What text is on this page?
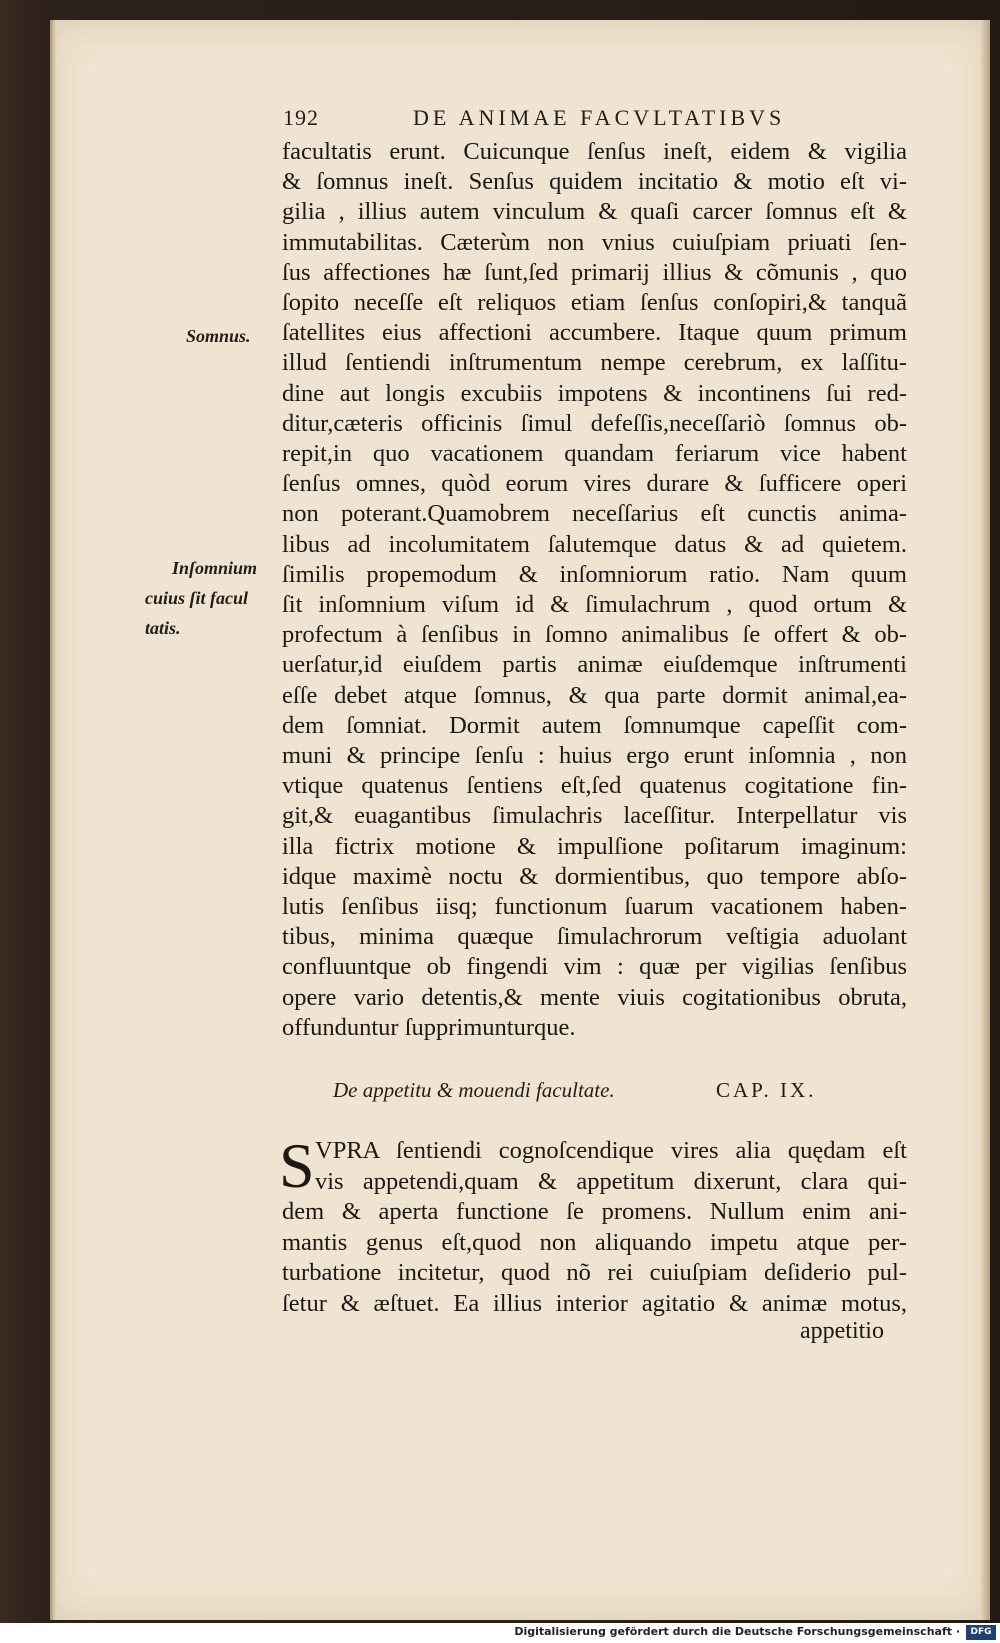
192	DE ANIMAE FACVLTATIBVS
facultatis erunt. Cuicunque ſenſus ineſt, eidem & vigilia
& ſomnus ineſt. Senſus quidem incitatio & motio eſt vi-
gilia , illius autem vinculum & quaſi carcer ſomnus eſt &
immutabilitas. Cæterùm non vnius cuiuſpiam priuati ſen-
ſus affectiones hæ ſunt,ſed primarij illius & cõmunis , quo
ſopito neceſſe eſt reliquos etiam ſenſus conſopiri,& tanquã
ſatellites eius affectioni accumbere. Itaque quum primum
illud ſentiendi inſtrumentum nempe cerebrum, ex laſſitu-
dine aut longis excubiis impotens & incontinens ſui red-
ditur,cæteris officinis ſimul defeſſis,neceſſariò ſomnus ob-
repit,in quo vacationem quandam feriarum vice habent
ſenſus omnes, quòd eorum vires durare & ſufficere operi
non poterant.Quamobrem neceſſarius eſt cunctis anima-
libus ad incolumitatem ſalutemque datus & ad quietem.
ſimilis propemodum & inſomniorum ratio. Nam quum
ſit inſomnium viſum id & ſimulachrum , quod ortum &
profectum à ſenſibus in ſomno animalibus ſe offert & ob-
uerſatur,id eiuſdem partis animæ eiuſdemque inſtrumenti
eſſe debet atque ſomnus, & qua parte dormit animal,ea-
dem ſomniat. Dormit autem ſomnumque capeſſit com-
muni & principe ſenſu : huius ergo erunt inſomnia , non
vtique quatenus ſentiens eſt,ſed quatenus cogitatione fin-
git,& euagantibus ſimulachris laceſſitur. Interpellatur vis
illa fictrix motione & impulſione poſitarum imaginum:
idque maximè noctu & dormientibus, quo tempore abſo-
lutis ſenſibus iisq; functionum ſuarum vacationem haben-
tibus, minima quæque ſimulachrorum veſtigia aduolant
confluuntque ob fingendi vim : quæ per vigilias ſenſibus
opere vario detentis,& mente viuis cogitationibus obruta,
offunduntur ſupprimunturque.
Somnus.
Inſomnium
cuius ſit facul
tatis.
De appetitu & mouendi facultate.	CAP. IX.
S VPRA ſentiendi cognoſcendique vires alia quędam eſt
vis appetendi,quam & appetitum dixerunt, clara qui-
dem & aperta functione ſe promens. Nullum enim ani-
mantis genus eſt,quod non aliquando impetu atque per-
turbatione incitetur, quod nõ rei cuiuſpiam deſiderio pul-
ſetur & æſtuet. Ea illius interior agitatio & animæ motus,
appetitio
Digitalisierung gefördert durch die Deutsche Forschungsgemeinschaft ·	DFG
